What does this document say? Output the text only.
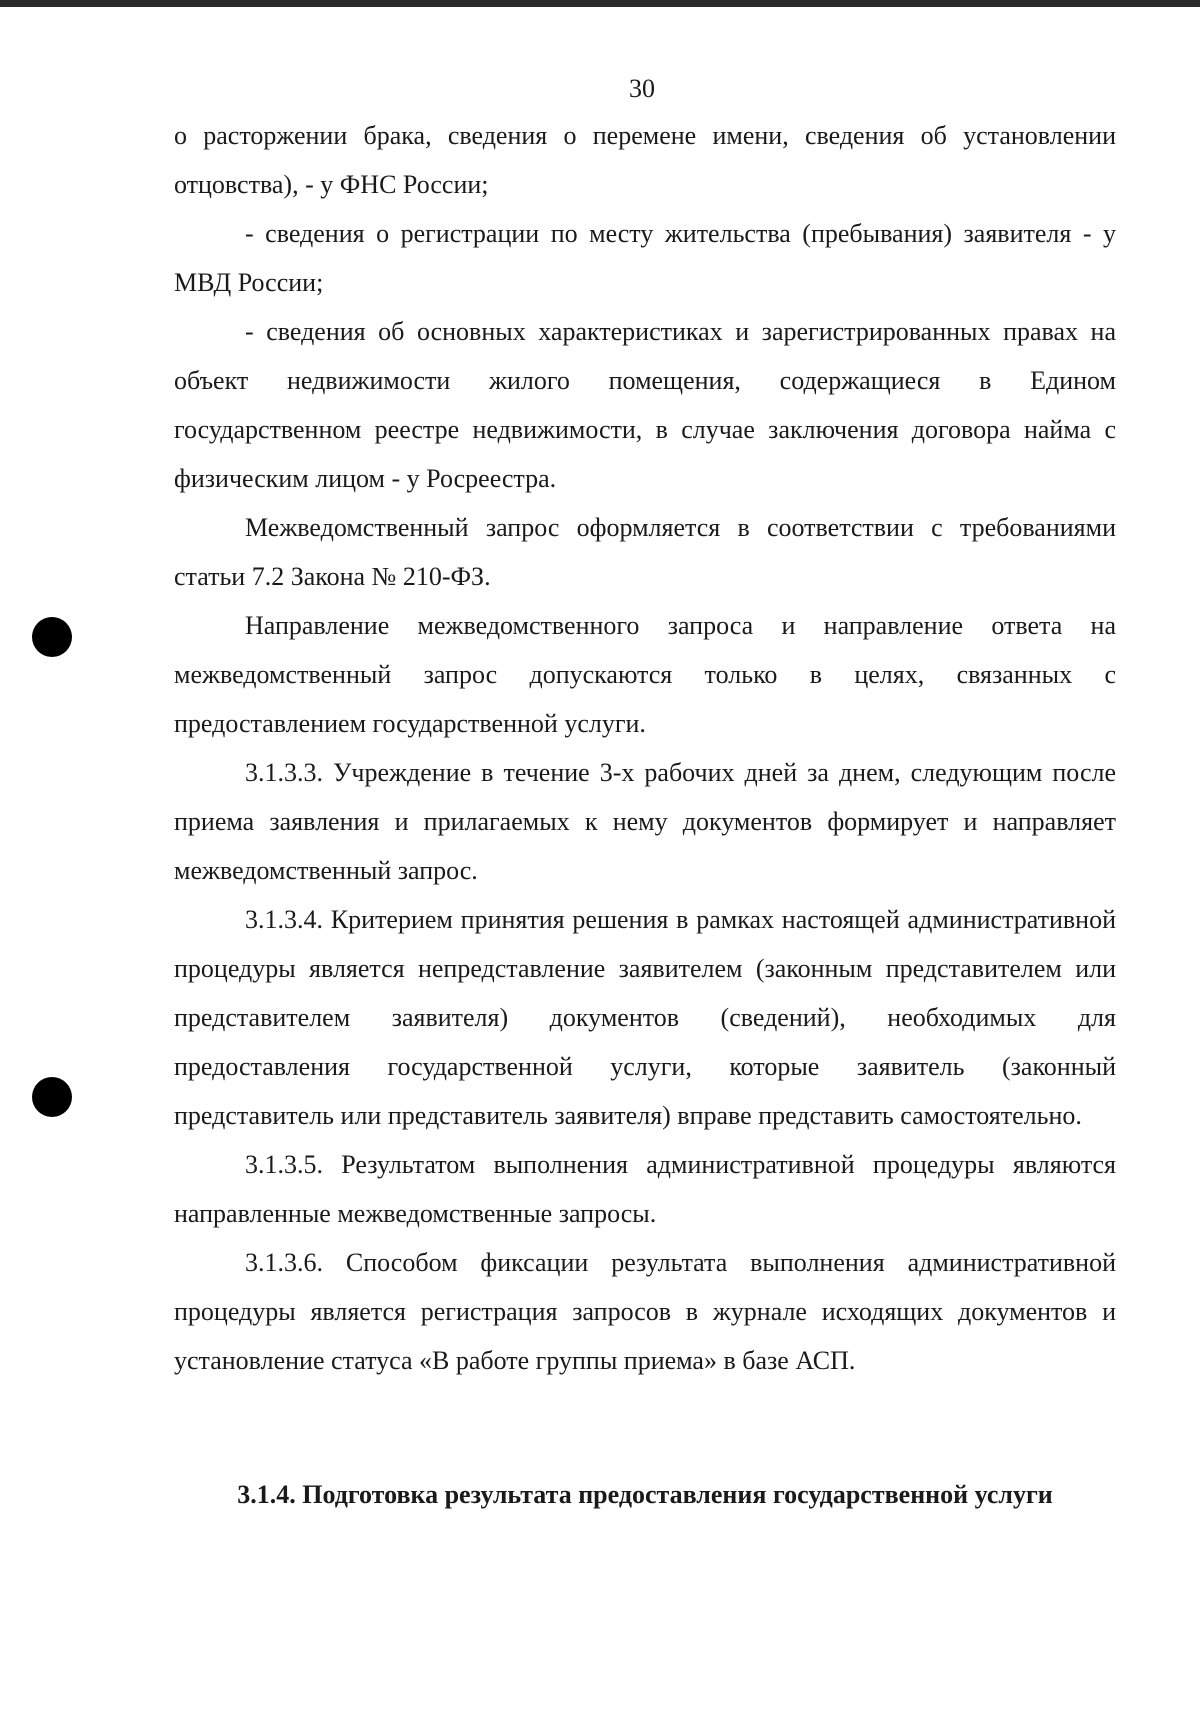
30

о расторжении брака, сведения о перемене имени, сведения об установлении отцовства), - у ФНС России;

- сведения о регистрации по месту жительства (пребывания) заявителя - у МВД России;

- сведения об основных характеристиках и зарегистрированных правах на объект недвижимости жилого помещения, содержащиеся в Едином государственном реестре недвижимости, в случае заключения договора найма с физическим лицом - у Росреестра.

Межведомственный запрос оформляется в соответствии с требованиями статьи 7.2 Закона № 210-ФЗ.

Направление межведомственного запроса и направление ответа на межведомственный запрос допускаются только в целях, связанных с предоставлением государственной услуги.

3.1.3.3. Учреждение в течение 3-х рабочих дней за днем, следующим после приема заявления и прилагаемых к нему документов формирует и направляет межведомственный запрос.

3.1.3.4. Критерием принятия решения в рамках настоящей административной процедуры является непредставление заявителем (законным представителем или представителем заявителя) документов (сведений), необходимых для предоставления государственной услуги, которые заявитель (законный представитель или представитель заявителя) вправе представить самостоятельно.

3.1.3.5. Результатом выполнения административной процедуры являются направленные межведомственные запросы.

3.1.3.6. Способом фиксации результата выполнения административной процедуры является регистрация запросов в журнале исходящих документов и установление статуса «В работе группы приема» в базе АСП.

3.1.4. Подготовка результата предоставления государственной услуги
